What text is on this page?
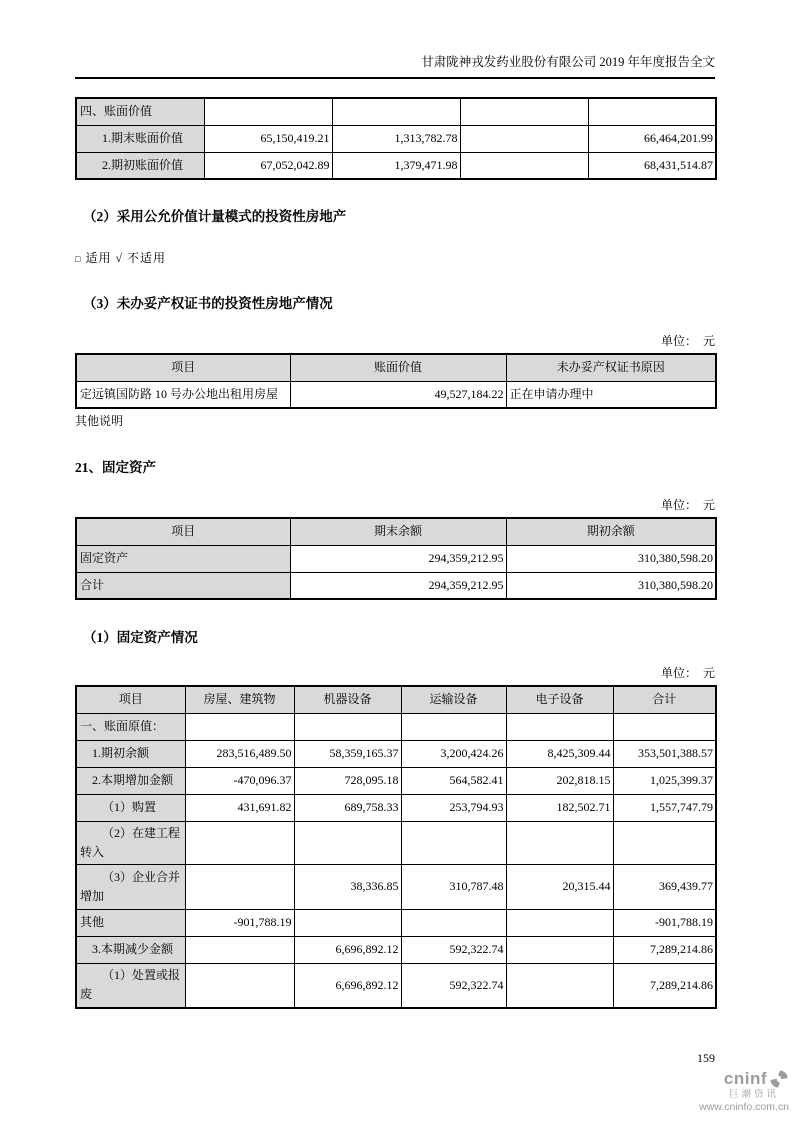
甘肃陇神戎发药业股份有限公司 2019 年年度报告全文
四、账面价值				
1.期末账面价值	65,150,419.21	1,313,782.78		66,464,201.99
2.期初账面价值	67,052,042.89	1,379,471.98		68,431,514.87
（2）采用公允价值计量模式的投资性房地产
□ 适用 √ 不适用
（3）未办妥产权证书的投资性房地产情况
单位：　元
项目	账面价值	未办妥产权证书原因
定远镇国防路 10 号办公地出租用房屋	49,527,184.22	正在申请办理中
其他说明
21、固定资产
单位：　元
项目	期末余额	期初余额
固定资产	294,359,212.95	310,380,598.20
合计	294,359,212.95	310,380,598.20
（1）固定资产情况
单位：　元
项目	房屋、建筑物	机器设备	运输设备	电子设备	合计
一、账面原值：					
1.期初余额	283,516,489.50	58,359,165.37	3,200,424.26	8,425,309.44	353,501,388.57
2.本期增加金额	-470,096.37	728,095.18	564,582.41	202,818.15	1,025,399.37
（1）购置	431,691.82	689,758.33	253,794.93	182,502.71	1,557,747.79
（2）在建工程转入					
（3）企业合并增加		38,336.85	310,787.48	20,315.44	369,439.77
其他	-901,788.19				-901,788.19
3.本期减少金额		6,696,892.12	592,322.74		7,289,214.86
（1）处置或报废		6,696,892.12	592,322.74		7,289,214.86
159
cninf
巨潮资讯
www.cninfo.com.cn
